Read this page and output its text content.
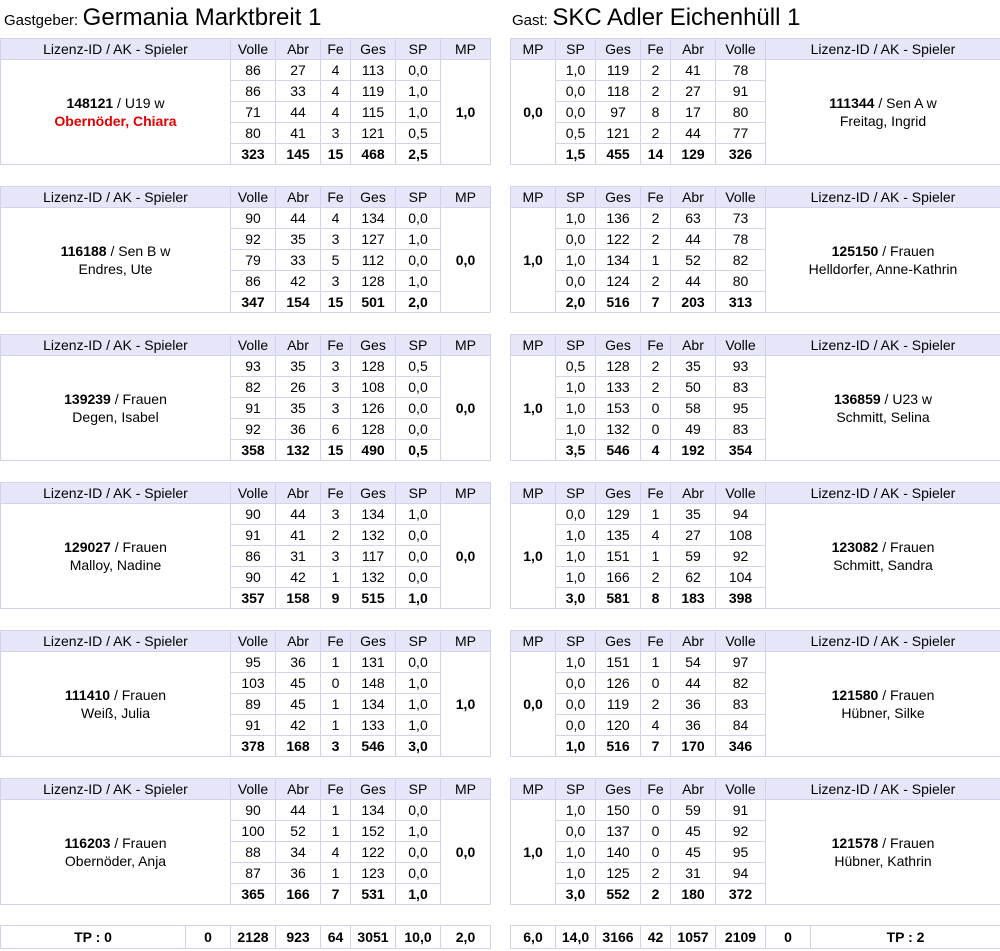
Gastgeber: Germania Marktbreit 1	Gast: SKC Adler Eichenhüll 1
Lizenz-ID / AK - Spieler	Volle	Abr	Fe	Ges	SP	MP

148121 / U19 w
Obernöder, Chiara	86	27	4	113	0,0	1,0
	86	33	4	119	1,0	
	71	44	4	115	1,0	
	80	41	3	121	0,5	
	323	145	15	468	2,5	
MP	SP	Ges	Fe	Abr	Volle	Lizenz-ID / AK - Spieler
0,0	1,0	119	2	41	78	111344 / Sen A w
Freitag, Ingrid

	0,0	118	2	27	91	
	0,0	97	8	17	80	
	0,5	121	2	44	77	
	1,5	455	14	129	326	
Lizenz-ID / AK - Spieler	Volle	Abr	Fe	Ges	SP	MP

116188 / Sen B w
Endres, Ute	90	44	4	134	0,0	0,0
	92	35	3	127	1,0	
	79	33	5	112	0,0	
	86	42	3	128	1,0	
	347	154	15	501	2,0	
MP	SP	Ges	Fe	Abr	Volle	Lizenz-ID / AK - Spieler
1,0	1,0	136	2	63	73	125150 / Frauen
Helldorfer, Anne-Kathrin

	0,0	122	2	44	78	
	1,0	134	1	52	82	
	0,0	124	2	44	80	
	2,0	516	7	203	313	
Lizenz-ID / AK - Spieler	Volle	Abr	Fe	Ges	SP	MP

139239 / Frauen
Degen, Isabel	93	35	3	128	0,5	0,0
	82	26	3	108	0,0	
	91	35	3	126	0,0	
	92	36	6	128	0,0	
	358	132	15	490	0,5	
MP	SP	Ges	Fe	Abr	Volle	Lizenz-ID / AK - Spieler
1,0	0,5	128	2	35	93	136859 / U23 w
Schmitt, Selina

	1,0	133	2	50	83	
	1,0	153	0	58	95	
	1,0	132	0	49	83	
	3,5	546	4	192	354	
Lizenz-ID / AK - Spieler	Volle	Abr	Fe	Ges	SP	MP

129027 / Frauen
Malloy, Nadine	90	44	3	134	1,0	0,0
	91	41	2	132	0,0	
	86	31	3	117	0,0	
	90	42	1	132	0,0	
	357	158	9	515	1,0	
MP	SP	Ges	Fe	Abr	Volle	Lizenz-ID / AK - Spieler
1,0	0,0	129	1	35	94	123082 / Frauen
Schmitt, Sandra

	1,0	135	4	27	108	
	1,0	151	1	59	92	
	1,0	166	2	62	104	
	3,0	581	8	183	398	
Lizenz-ID / AK - Spieler	Volle	Abr	Fe	Ges	SP	MP

111410 / Frauen
Weiß, Julia	95	36	1	131	0,0	1,0
	103	45	0	148	1,0	
	89	45	1	134	1,0	
	91	42	1	133	1,0	
	378	168	3	546	3,0	
MP	SP	Ges	Fe	Abr	Volle	Lizenz-ID / AK - Spieler
0,0	1,0	151	1	54	97	121580 / Frauen
Hübner, Silke

	0,0	126	0	44	82	
	0,0	119	2	36	83	
	0,0	120	4	36	84	
	1,0	516	7	170	346	
Lizenz-ID / AK - Spieler	Volle	Abr	Fe	Ges	SP	MP

116203 / Frauen
Obernöder, Anja	90	44	1	134	0,0	0,0
	100	52	1	152	1,0	
	88	34	4	122	0,0	
	87	36	1	123	0,0	
	365	166	7	531	1,0	
MP	SP	Ges	Fe	Abr	Volle	Lizenz-ID / AK - Spieler
1,0	1,0	150	0	59	91	121578 / Frauen
Hübner, Kathrin

	0,0	137	0	45	92	
	1,0	140	0	45	95	
	1,0	125	2	31	94	
	3,0	552	2	180	372	
TP : 0	0	2128	923	64	3051	10,0	2,0	6,0	14,0	3166	42	1057	2109	0	TP : 2
